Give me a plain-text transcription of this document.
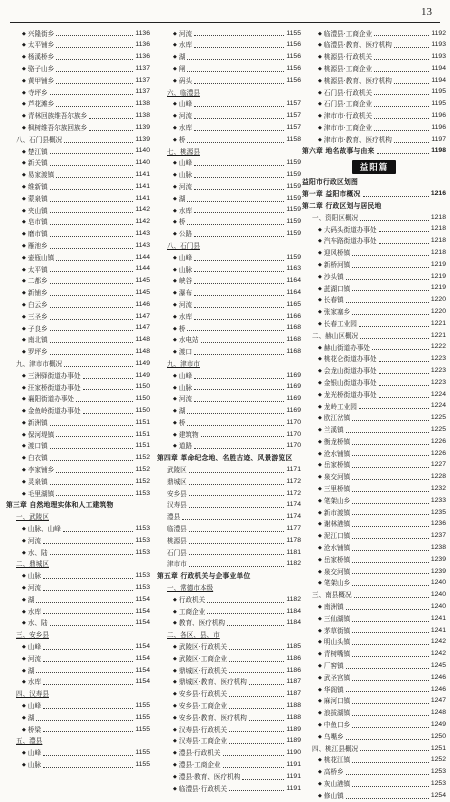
13
◆ 兴隆街乡	1136
◆ 太平铺乡	1136
◆ 杨溪桥乡	1136
◆ 骆子山乡	1137
◆ 黄甲铺乡	1137
◆ 寺坪乡	1137
◆ 芦花滩乡	1138
◆ 青林回族维吾尔族乡	1138
◆ 枫树维吾尔族回族乡	1139
八、石门县概况	1139
◆ 楚江镇	1140
◆ 新关镇	1140
◆ 易家渡镇	1141
◆ 维新镇	1141
◆ 蒙泉镇	1141
◆ 夹山镇	1142
◆ 皂市镇	1142
◆ 磨市镇	1143
◆ 雁池乡	1143
◆ 壶瓶山镇	1144
◆ 太平镇	1144
◆ 二都乡	1145
◆ 新铺乡	1145
◆ 白云乡	1146
◆ 三圣乡	1147
◆ 子良乡	1147
◆ 南北镇	1148
◆ 罗坪乡	1148
九、津市市概况	1149
◆ 三洲驿街道办事处	1149
◆ 汪家桥街道办事处	1150
◆ 襄阳街道办事处	1150
◆ 金鱼岭街道办事处	1150
◆ 新洲镇	1151
◆ 保河堤镇	1151
◆ 渡口镇	1151
◆ 白衣镇	1152
◆ 李家铺乡	1152
◆ 灵泉镇	1152
◆ 毛里湖镇	1153
第三章 自然地理实体和人工建筑物
一、武陵区
◆ 山脉、山峰	1153
◆ 河流	1153
◆ 水、陆	1153
二、鼎城区
◆ 山脉	1153
◆ 河流	1153
◆ 湖	1154
◆ 水库	1154
◆ 水、陆	1154
三、安乡县
◆ 山峰	1154
◆ 河流	1154
◆ 湖	1154
◆ 水库	1154
四、汉寿县
◆ 山峰	1155
◆ 湖	1155
◆ 桥梁	1155
五、澧县
◆ 山峰	1155
◆ 山脉	1155
◆ 河流	1155
◆ 水库	1156
◆ 湖	1156
◆ 闸	1156
◆ 码头	1156
六、临澧县
◆ 山峰	1157
◆ 河流	1157
◆ 水库	1157
◆ 桥	1158
七、桃源县
◆ 山峰	1159
◆ 山脉	1159
◆ 河流	1159
◆ 湖	1159
◆ 水库	1159
◆ 桥	1159
◆ 公路	1159
八、石门县
◆ 山峰	1159
◆ 山脉	1163
◆ 峡谷	1164
◆ 瀑布	1164
◆ 河流	1165
◆ 水库	1166
◆ 桥	1168
◆ 水电站	1168
◆ 渡口	1168
九、津市市
◆ 山峰	1169
◆ 山脉	1169
◆ 河流	1169
◆ 湖	1169
◆ 桥	1170
◆ 建筑物	1170
◆ 道路	1170
第四章 革命纪念地、名胜古迹、风景游览区
武陵区	1171
鼎城区	1172
安乡县	1172
汉寿县	1174
澧县	1174
临澧县	1177
桃源县	1178
石门县	1181
津市市	1182
第五章 行政机关与企事业单位
一、常德市本级
◆ 行政机关	1182
◆ 工商企业	1184
◆ 教育、医疗机构	1184
二、各区、县、市
◆ 武陵区·行政机关	1185
◆ 武陵区·工商企业	1186
◆ 鼎城区·行政机关	1186
◆ 鼎城区·教育、医疗机构	1187
◆ 安乡县·行政机关	1187
◆ 安乡县·工商企业	1188
◆ 安乡县·教育、医疗机构	1188
◆ 汉寿县·行政机关	1189
◆ 汉寿县·工商企业	1189
◆ 澧县·行政机关	1190
◆ 澧县·工商企业	1191
◆ 澧县·教育、医疗机构	1191
◆ 临澧县·行政机关	1191
◆ 临澧县·工商企业	1192
◆ 临澧县·教育、医疗机构	1193
◆ 桃源县·行政机关	1193
◆ 桃源县·工商企业	1194
◆ 桃源县·教育、医疗机构	1194
◆ 石门县·行政机关	1195
◆ 石门县·工商企业	1195
◆ 津市市·行政机关	1196
◆ 津市市·工商企业	1196
◆ 津市市·教育、医疗机构	1197
第六章 地名故事与由来	1198
益阳篇
益阳市行政区划图
第一章 益阳市概况	1216
第二章 行政区划与居民地
一、资阳区概况	1218
◆ 大码头街道办事处	1218
◆ 汽车路街道办事处	1218
◆ 迎风桥镇	1218
◆ 新桥河镇	1219
◆ 沙头镇	1219
◆ 茈湖口镇	1219
◆ 长春镇	1220
◆ 张家塞乡	1220
◆ 长春工业园	1221
二、赫山区概况	1221
◆ 赫山街道办事处	1222
◆ 桃花仑街道办事处	1223
◆ 会龙山街道办事处	1223
◆ 金银山街道办事处	1223
◆ 龙光桥街道办事处	1224
◆ 龙岭工业园	1224
◆ 欧江岔镇	1225
◆ 兰溪镇	1225
◆ 衡龙桥镇	1226
◆ 沧水铺镇	1226
◆ 岳家桥镇	1227
◆ 泉交河镇	1228
◆ 三里桥镇	1232
◆ 笔架山乡	1233
◆ 新市渡镇	1235
◆ 谢林港镇	1236
◆ 泥江口镇	1237
◆ 沧水铺镇	1238
◆ 岳家桥镇	1239
◆ 泉交河镇	1239
◆ 笔架山乡	1240
三、南县概况	1240
◆ 南洲镇	1240
◆ 三仙湖镇	1241
◆ 茅草街镇	1241
◆ 明山头镇	1242
◆ 青树嘴镇	1242
◆ 厂窖镇	1245
◆ 武圣宫镇	1246
◆ 华阁镇	1246
◆ 麻河口镇	1247
◆ 浪拔湖镇	1248
◆ 中鱼口乡	1249
◆ 乌嘴乡	1250
四、桃江县概况	1251
◆ 桃花江镇	1252
◆ 高桥乡	1253
◆ 灰山港镇	1253
◆ 修山镇	1254
